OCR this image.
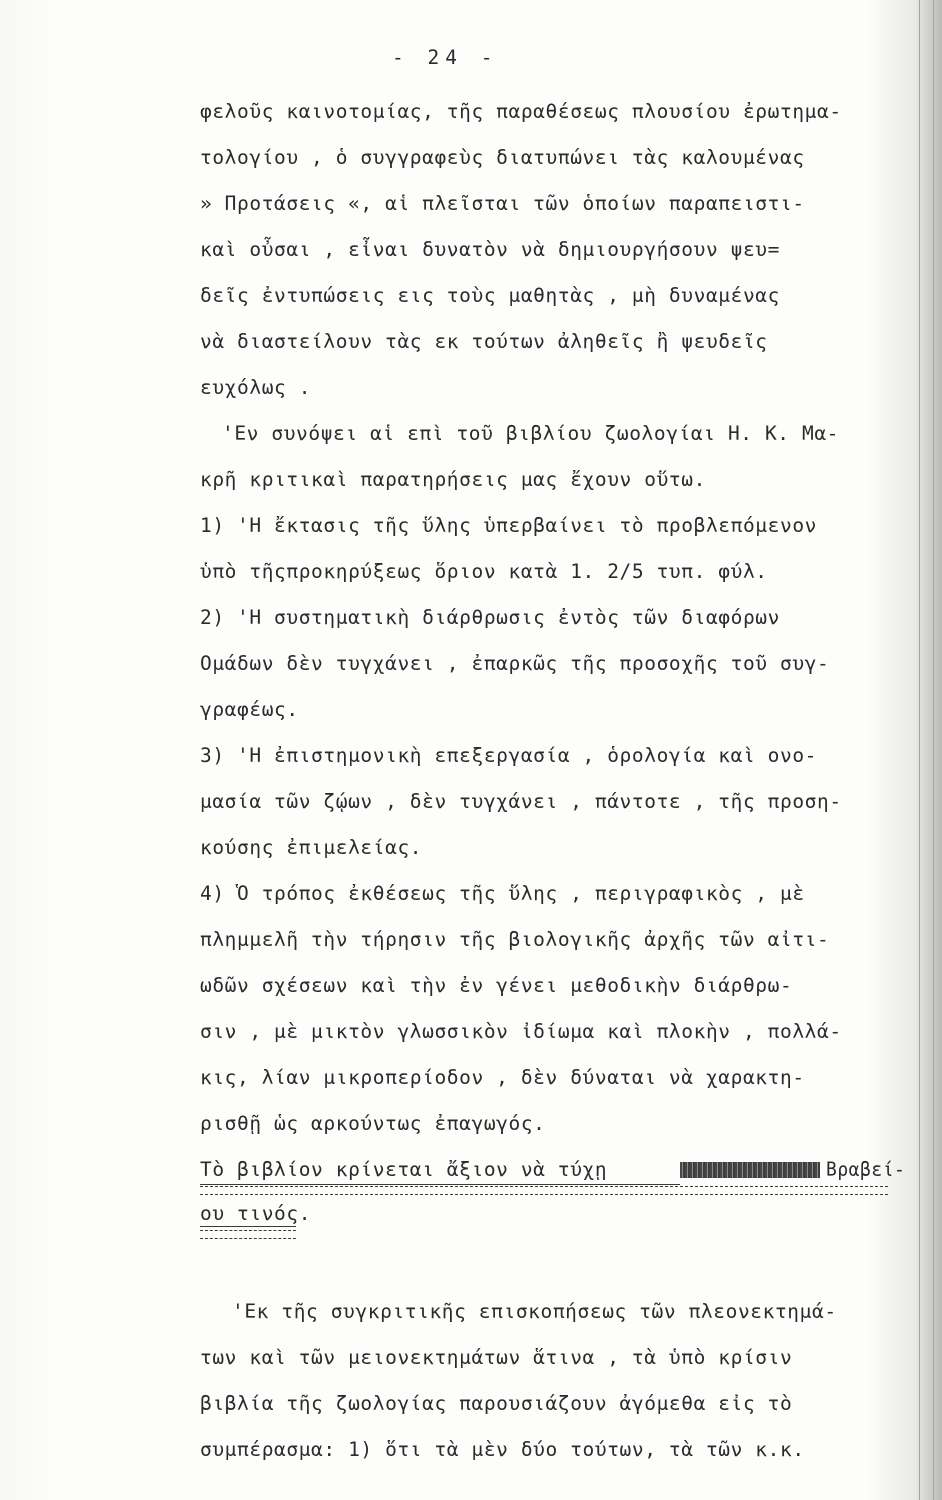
- 24 -
φελοῦς καινοτομίας, τῆς παραθέσεως πλουσίου ἐρωτημα-
τολογίου , ὁ συγγραφεὺς διατυπώνει τὰς καλουμένας
» Προτάσεις «, αἱ πλεῖσται τῶν ὁποίων παραπειστι-
καὶ οὖσαι , εἶναι δυνατὸν νὰ δημιουργήσουν ψευ=
δεῖς ἐντυπώσεις εις τοὺς μαθητὰς , μὴ δυναμένας
νὰ διαστείλουν τὰς εκ τούτων ἀληθεῖς ἢ ψευδεῖς
ευχόλως .
'Εν συνόψει αἱ επὶ τοῦ βιβλίου ζωολογίαι Η. Κ. Μα-
κρῆ κριτικαὶ παρατηρήσεις μας ἔχουν οὕτω.
1) 'Η ἔκτασις τῆς ὕλης ὑπερβαίνει τὸ προβλεπόμενον
ὑπὸ τῆςπροκηρύξεως ὅριον κατὰ 1. 2/5 τυπ. φύλ.
2) 'Η συστηματικὴ διάρθρωσις ἐντὸς τῶν διαφόρων
Ομάδων δὲν τυγχάνει , ἐπαρκῶς τῆς προσοχῆς τοῦ συγ-
γραφέως.
3) 'Η ἐπιστημονικὴ επεξεργασία , ὁρολογία καὶ ονο-
μασία τῶν ζῴων , δὲν τυγχάνει , πάντοτε , τῆς προση-
κούσης ἐπιμελείας.
4) Ὁ τρόπος ἐκθέσεως τῆς ὕλης , περιγραφικὸς , μὲ
πλημμελῆ τὴν τήρησιν τῆς βιολογικῆς ἀρχῆς τῶν αἰτι-
ωδῶν σχέσεων καὶ τὴν ἐν γένει μεθοδικὴν διάρθρω-
σιν , μὲ μικτὸν γλωσσικὸν ἰδίωμα καὶ πλοκὴν , πολλά-
κις, λίαν μικροπερίοδον , δὲν δύναται νὰ χαρακτη-
ρισθῇ ὡς αρκούντως ἐπαγωγός.
Τὸ βιβλίον κρίνεται ἄξιον νὰ τύχῃ	Βραβεί-
ου τινός.
'Εκ τῆς συγκριτικῆς επισκοπήσεως τῶν πλεονεκτημά-
των καὶ τῶν μειονεκτημάτων ἅτινα , τὰ ὑπὸ κρίσιν
βιβλία τῆς ζωολογίας παρουσιάζουν ἀγόμεθα εἰς τὸ
συμπέρασμα: 1) ὅτι τὰ μὲν δύο τούτων, τὰ τῶν κ.κ.
